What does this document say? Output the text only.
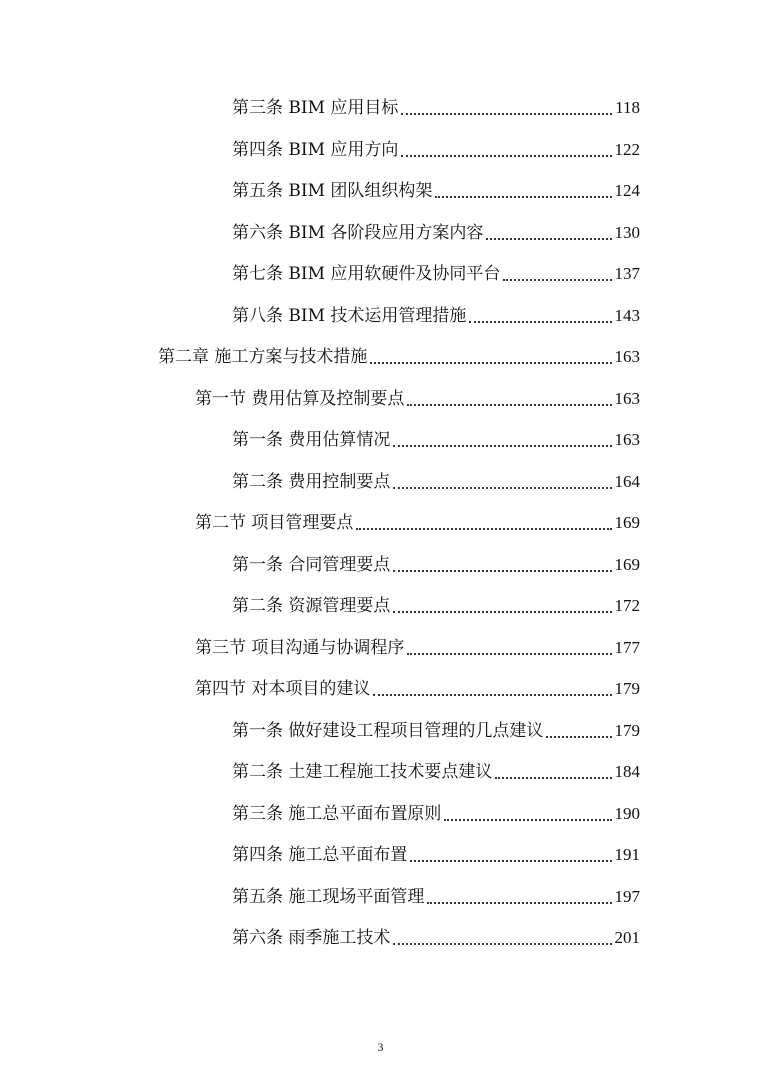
第三条 BIM 应用目标	118
第四条 BIM 应用方向	122
第五条 BIM 团队组织构架	124
第六条 BIM 各阶段应用方案内容	130
第七条 BIM 应用软硬件及协同平台	137
第八条 BIM 技术运用管理措施	143
第二章 施工方案与技术措施	163
第一节 费用估算及控制要点	163
第一条 费用估算情况	163
第二条 费用控制要点	164
第二节 项目管理要点	169
第一条 合同管理要点	169
第二条 资源管理要点	172
第三节 项目沟通与协调程序	177
第四节 对本项目的建议	179
第一条 做好建设工程项目管理的几点建议	179
第二条 土建工程施工技术要点建议	184
第三条 施工总平面布置原则	190
第四条 施工总平面布置	191
第五条 施工现场平面管理	197
第六条 雨季施工技术	201
3
